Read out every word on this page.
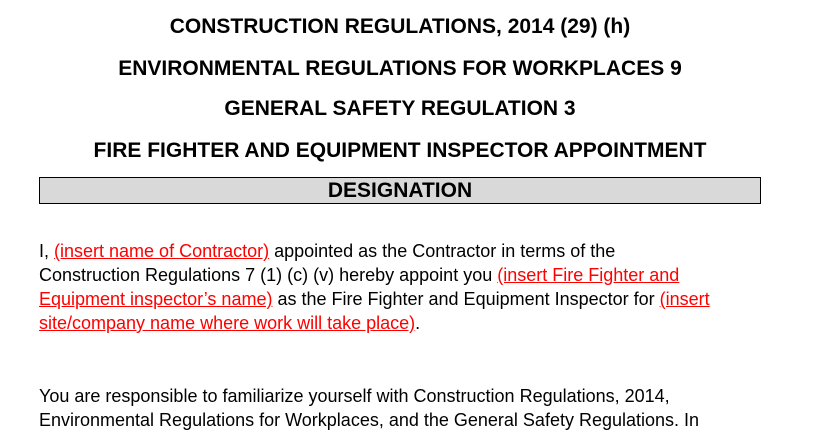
CONSTRUCTION REGULATIONS, 2014 (29) (h)
ENVIRONMENTAL REGULATIONS FOR WORKPLACES 9
GENERAL SAFETY REGULATION 3
FIRE FIGHTER AND EQUIPMENT INSPECTOR APPOINTMENT
DESIGNATION
I, (insert name of Contractor) appointed as the Contractor in terms of the
Construction Regulations 7 (1) (c) (v) hereby appoint you (insert Fire Fighter and
Equipment inspector’s name) as the Fire Fighter and Equipment Inspector for (insert
site/company name where work will take place).
You are responsible to familiarize yourself with Construction Regulations, 2014,
Environmental Regulations for Workplaces, and the General Safety Regulations. In
